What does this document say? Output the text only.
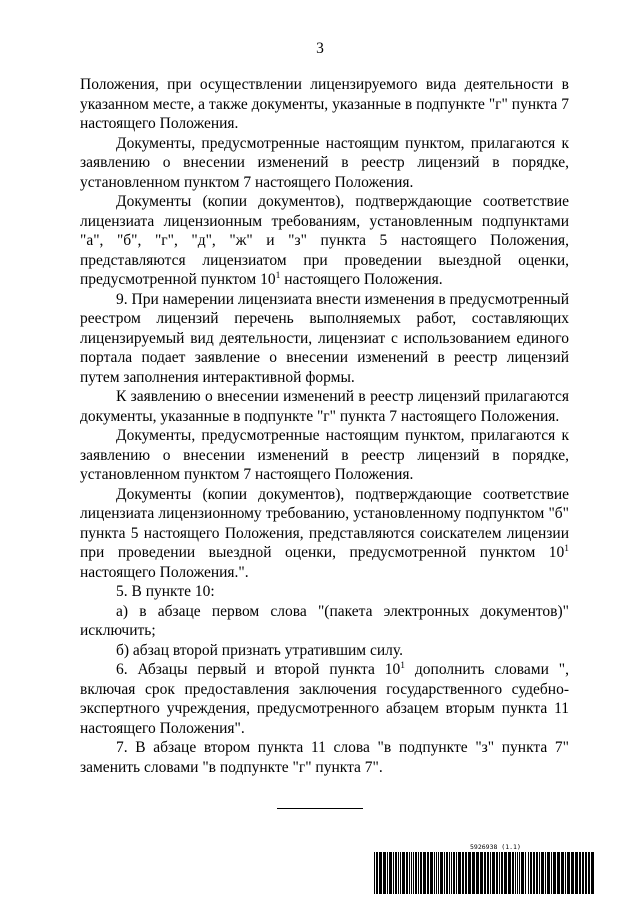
3

Положения, при осуществлении лицензируемого вида деятельности в указанном месте, а также документы, указанные в подпункте "г" пункта 7 настоящего Положения.

Документы, предусмотренные настоящим пунктом, прилагаются к заявлению о внесении изменений в реестр лицензий в порядке, установленном пунктом 7 настоящего Положения.

Документы (копии документов), подтверждающие соответствие лицензиата лицензионным требованиям, установленным подпунктами "а", "б", "г", "д", "ж" и "з" пункта 5 настоящего Положения, представляются лицензиатом при проведении выездной оценки, предусмотренной пунктом $10^1$ настоящего Положения.

9. При намерении лицензиата внести изменения в предусмотренный реестром лицензий перечень выполняемых работ, составляющих лицензируемый вид деятельности, лицензиат с использованием единого портала подает заявление о внесении изменений в реестр лицензий путем заполнения интерактивной формы.

К заявлению о внесении изменений в реестр лицензий прилагаются документы, указанные в подпункте "г" пункта 7 настоящего Положения.

Документы, предусмотренные настоящим пунктом, прилагаются к заявлению о внесении изменений в реестр лицензий в порядке, установленном пунктом 7 настоящего Положения.

Документы (копии документов), подтверждающие соответствие лицензиата лицензионному требованию, установленному подпунктом "б" пункта 5 настоящего Положения, представляются соискателем лицензии при проведении выездной оценки, предусмотренной пунктом $10^1$ настоящего Положения.".

5. В пункте 10:

а) в абзаце первом слова "(пакета электронных документов)" исключить;

б) абзац второй признать утратившим силу.

6. Абзацы первый и второй пункта $10^1$ дополнить словами ", включая срок предоставления заключения государственного судебно-экспертного учреждения, предусмотренного абзацем вторым пункта 11 настоящего Положения".

7. В абзаце втором пункта 11 слова "в подпункте "з" пункта 7" заменить словами "в подпункте "г" пункта 7".

5926938 (1.1)
